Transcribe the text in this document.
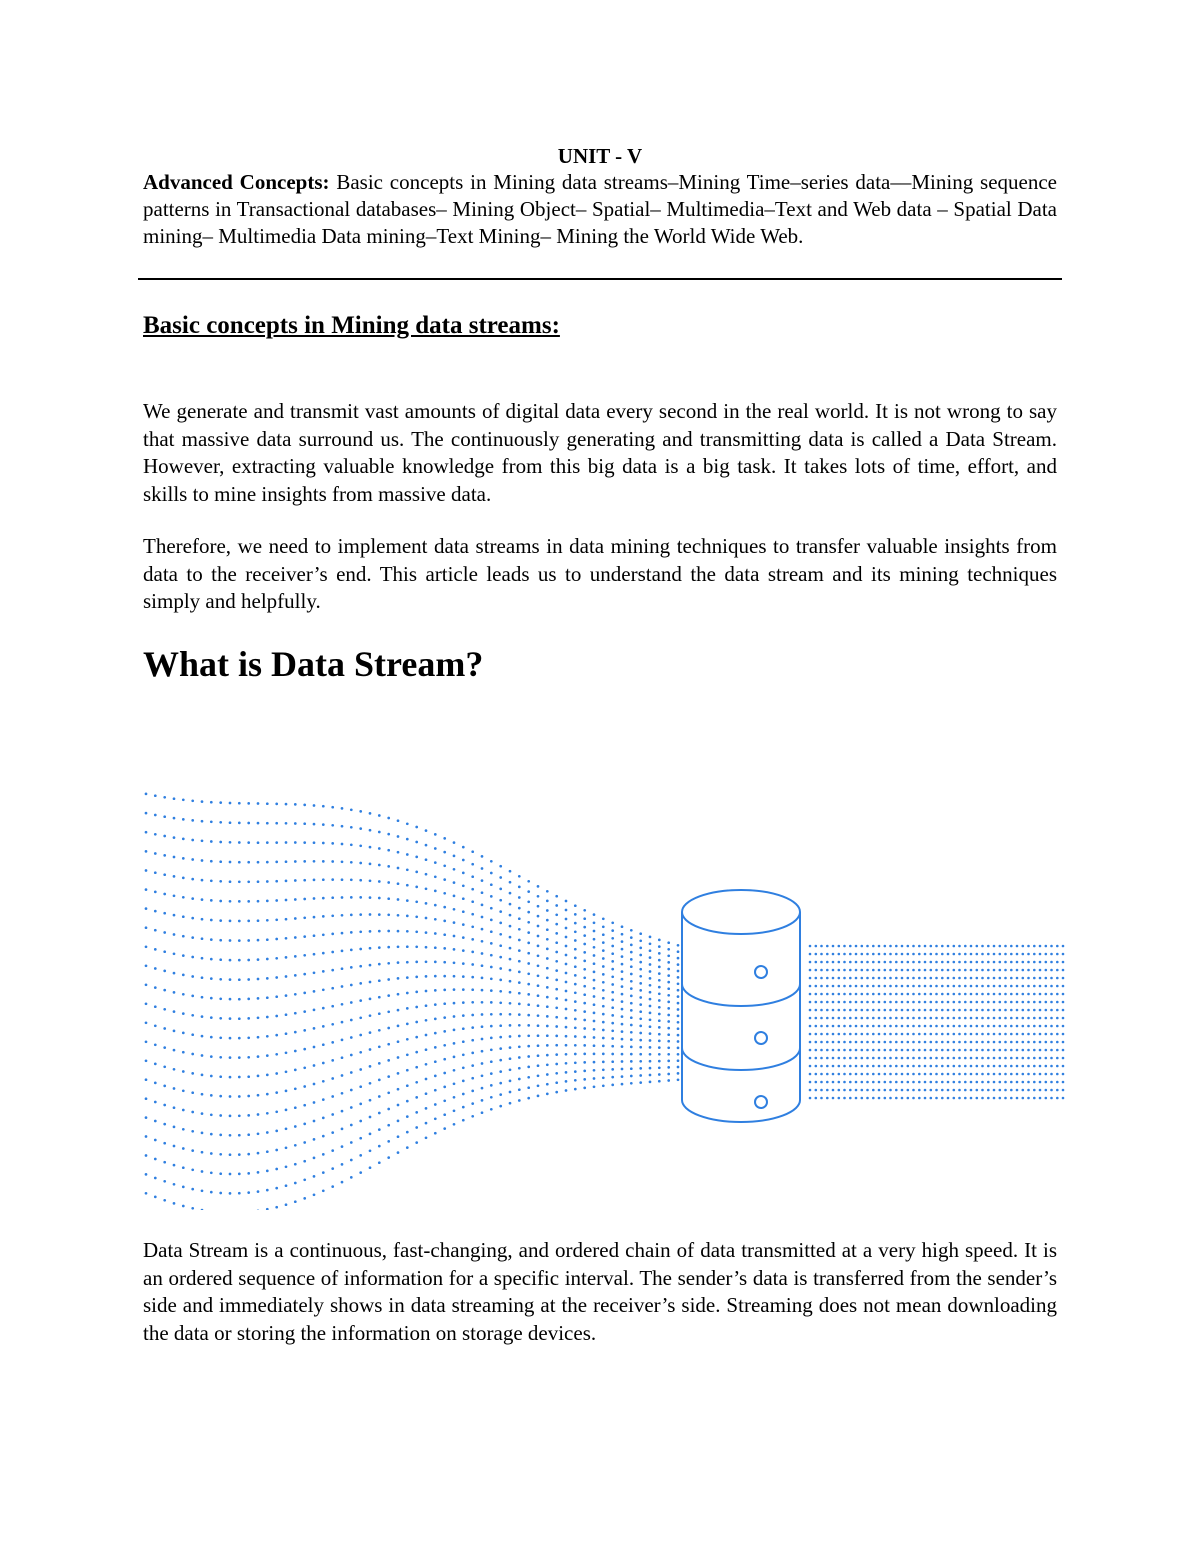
UNIT - V

Advanced Concepts: Basic concepts in Mining data streams–Mining Time–series data––Mining sequence patterns in Transactional databases– Mining Object– Spatial– Multimedia–Text and Web data – Spatial Data mining– Multimedia Data mining–Text Mining– Mining the World Wide Web.

Basic concepts in Mining data streams:

We generate and transmit vast amounts of digital data every second in the real world. It is not wrong to say that massive data surround us. The continuously generating and transmitting data is called a Data Stream. However, extracting valuable knowledge from this big data is a big task. It takes lots of time, effort, and skills to mine insights from massive data.

Therefore, we need to implement data streams in data mining techniques to transfer valuable insights from data to the receiver’s end. This article leads us to understand the data stream and its mining techniques simply and helpfully.

What is Data Stream?

Data Stream is a continuous, fast-changing, and ordered chain of data transmitted at a very high speed. It is an ordered sequence of information for a specific interval. The sender’s data is transferred from the sender’s side and immediately shows in data streaming at the receiver’s side. Streaming does not mean downloading the data or storing the information on storage devices.
